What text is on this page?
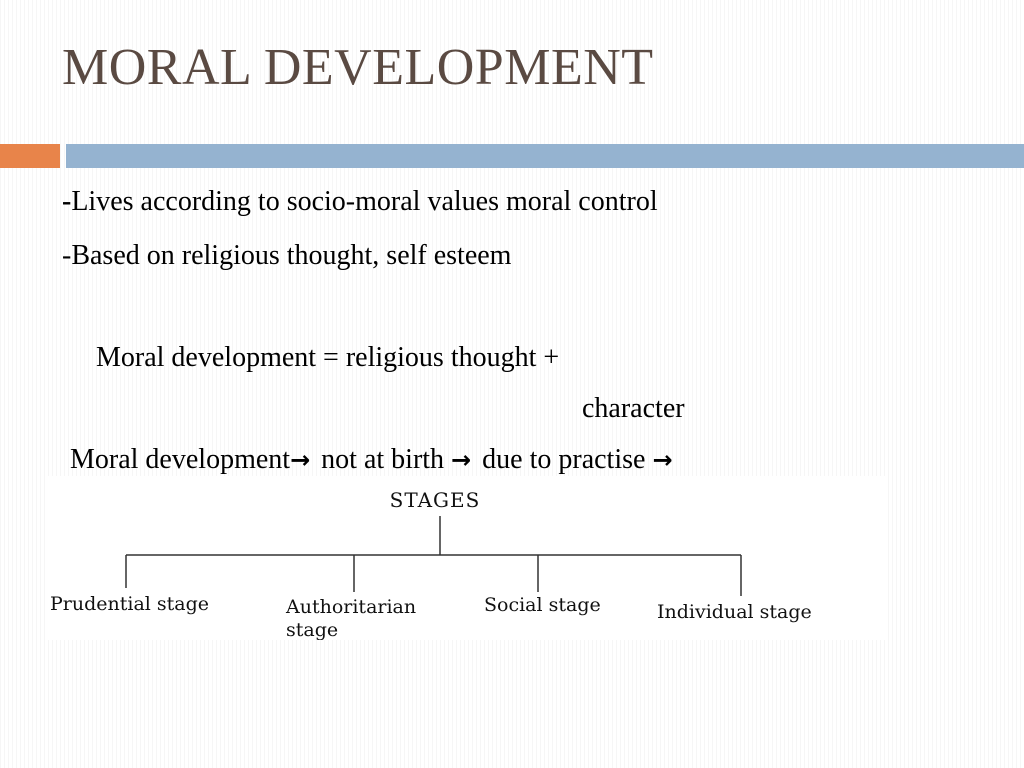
MORAL DEVELOPMENT
-Lives according to socio-moral values moral control
-Based on religious thought, self esteem
Moral development = religious thought +
character
Moral development→ not at birth → due to practise →
STAGES
Prudential stage	Authoritarian
stage
Social stage	Individual stage
